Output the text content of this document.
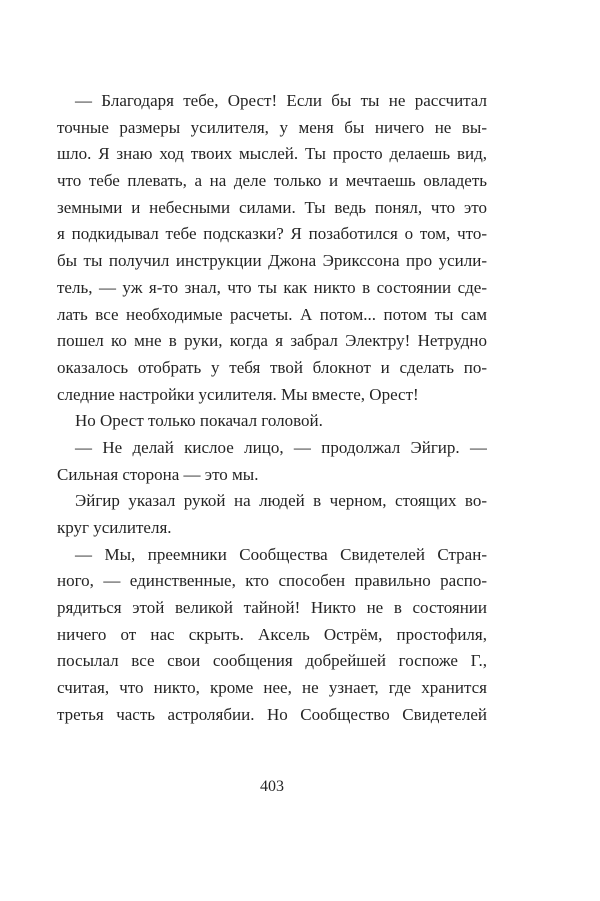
— Благодаря тебе, Орест! Если бы ты не рассчитал
точные размеры усилителя, у меня бы ничего не вы-
шло. Я знаю ход твоих мыслей. Ты просто делаешь вид,
что тебе плевать, а на деле только и мечтаешь овладеть
земными и небесными силами. Ты ведь понял, что это
я подкидывал тебе подсказки? Я позаботился о том, что-
бы ты получил инструкции Джона Эрикссона про усили-
тель, — уж я-то знал, что ты как никто в состоянии сде-
лать все необходимые расчеты. А потом... потом ты сам
пошел ко мне в руки, когда я забрал Электру! Нетрудно
оказалось отобрать у тебя твой блокнот и сделать по-
следние настройки усилителя. Мы вместе, Орест!
Но Орест только покачал головой.
— Не делай кислое лицо, — продолжал Эйгир. —
Сильная сторона — это мы.
Эйгир указал рукой на людей в черном, стоящих во-
круг усилителя.
— Мы, преемники Сообщества Свидетелей Стран-
ного, — единственные, кто способен правильно распо-
рядиться этой великой тайной! Никто не в состоянии
ничего от нас скрыть. Аксель Острём, простофиля,
посылал все свои сообщения добрейшей госпоже Г.,
считая, что никто, кроме нее, не узнает, где хранится
третья часть астролябии. Но Сообщество Свидетелей
403
